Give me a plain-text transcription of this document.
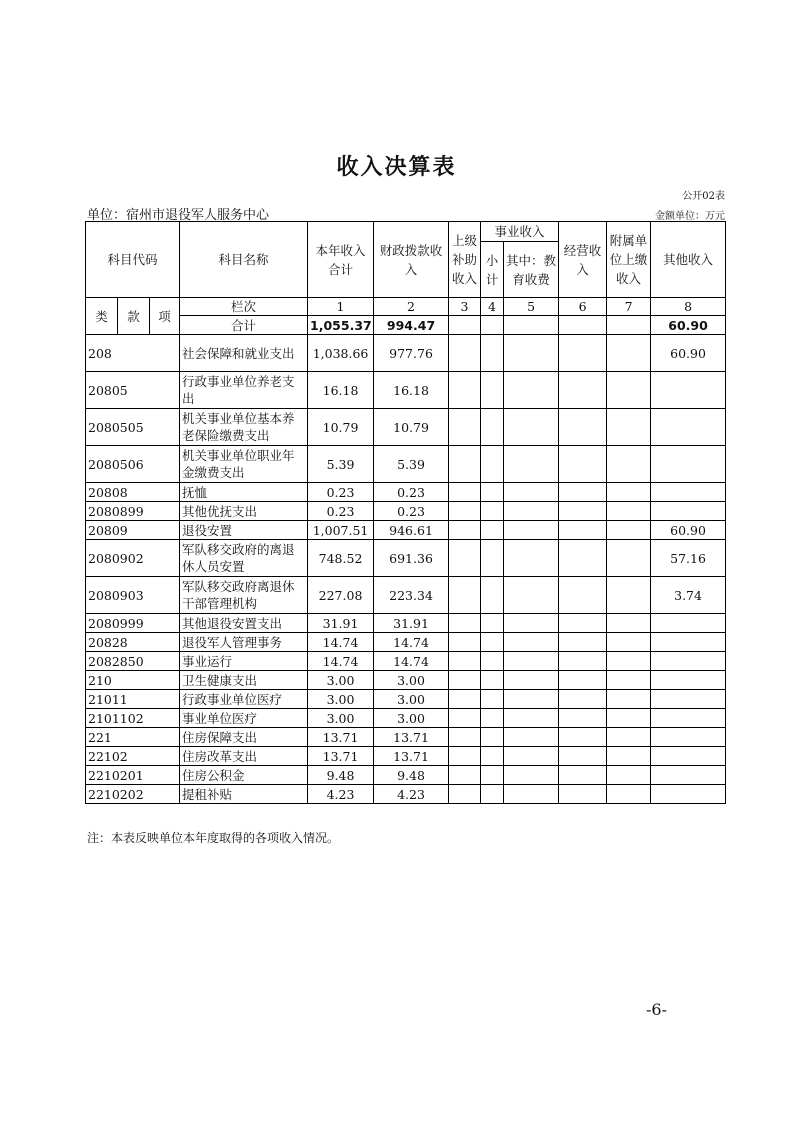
收入决算表
公开02表
单位：宿州市退役军人服务中心	金额单位：万元
科目代码			科目名称	本年收入合计	财政拨款收入	上级补助收入	事业收入		经营收入	附属单位上缴收入	其他收入
							小计	其中：教育收费			

类	款	项	栏次	1	2	3	4	5	6	7	8
			合计	1,055.37	994.47						60.90
208			社会保障和就业支出	1,038.66	977.76						60.90
20805			行政事业单位养老支出	16.18	16.18						
2080505			机关事业单位基本养老保险缴费支出	10.79	10.79						
2080506			机关事业单位职业年金缴费支出	5.39	5.39						
20808			抚恤	0.23	0.23						
2080899			其他优抚支出	0.23	0.23						
20809			退役安置	1,007.51	946.61						60.90
2080902			军队移交政府的离退休人员安置	748.52	691.36						57.16
2080903			军队移交政府离退休干部管理机构	227.08	223.34						3.74
2080999			其他退役安置支出	31.91	31.91						
20828			退役军人管理事务	14.74	14.74						
2082850			事业运行	14.74	14.74						
210			卫生健康支出	3.00	3.00						
21011			行政事业单位医疗	3.00	3.00						
2101102			事业单位医疗	3.00	3.00						
221			住房保障支出	13.71	13.71						
22102			住房改革支出	13.71	13.71						
2210201			住房公积金	9.48	9.48						
2210202			提租补贴	4.23	4.23						
注：本表反映单位本年度取得的各项收入情况。
-6-
